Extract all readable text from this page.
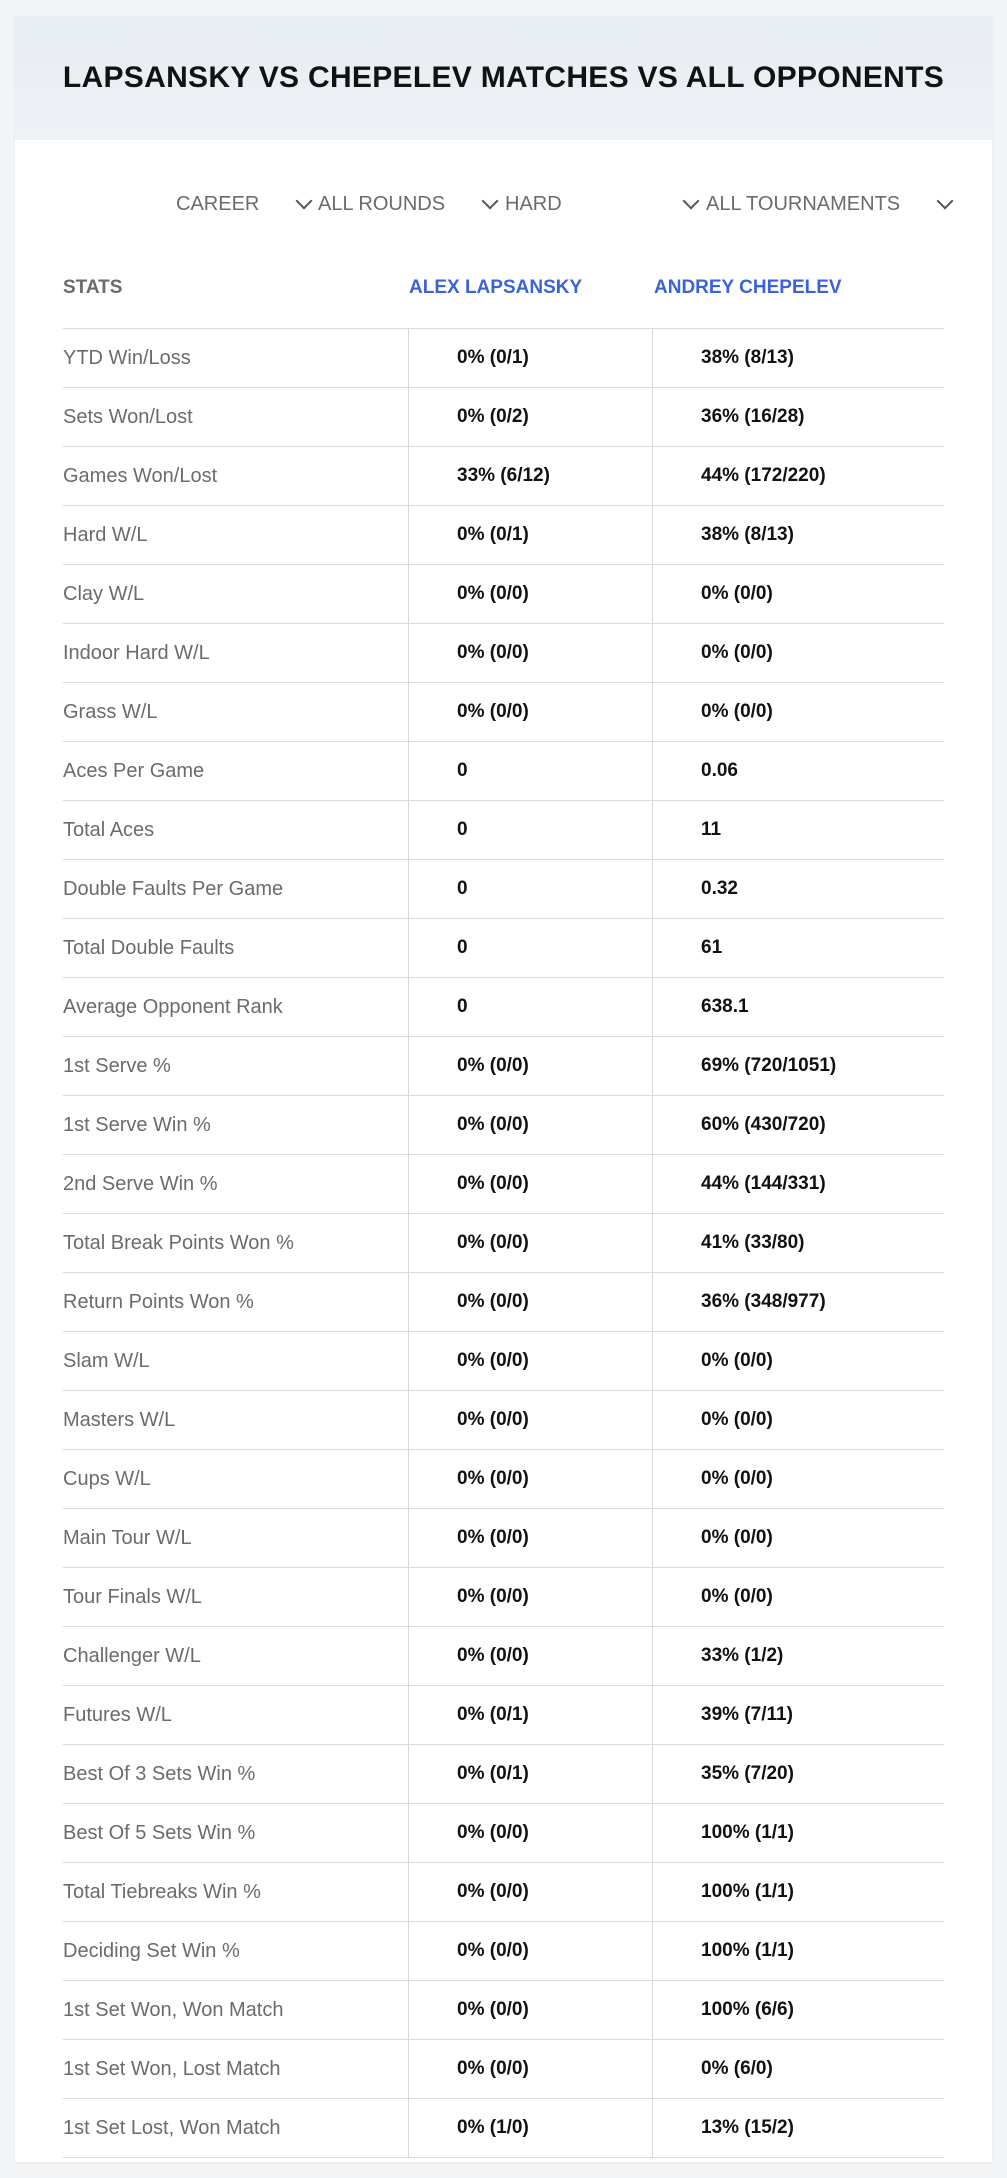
LAPSANSKY VS CHEPELEV MATCHES VS ALL OPPONENTS
CAREER	ALL ROUNDS	HARD	ALL TOURNAMENTS
STATS	ALEX LAPSANSKY	ANDREY CHEPELEV
YTD Win/Loss	0% (0/1)	38% (8/13)
Sets Won/Lost	0% (0/2)	36% (16/28)
Games Won/Lost	33% (6/12)	44% (172/220)
Hard W/L	0% (0/1)	38% (8/13)
Clay W/L	0% (0/0)	0% (0/0)
Indoor Hard W/L	0% (0/0)	0% (0/0)
Grass W/L	0% (0/0)	0% (0/0)
Aces Per Game	0	0.06
Total Aces	0	11
Double Faults Per Game	0	0.32
Total Double Faults	0	61
Average Opponent Rank	0	638.1
1st Serve %	0% (0/0)	69% (720/1051)
1st Serve Win %	0% (0/0)	60% (430/720)
2nd Serve Win %	0% (0/0)	44% (144/331)
Total Break Points Won %	0% (0/0)	41% (33/80)
Return Points Won %	0% (0/0)	36% (348/977)
Slam W/L	0% (0/0)	0% (0/0)
Masters W/L	0% (0/0)	0% (0/0)
Cups W/L	0% (0/0)	0% (0/0)
Main Tour W/L	0% (0/0)	0% (0/0)
Tour Finals W/L	0% (0/0)	0% (0/0)
Challenger W/L	0% (0/0)	33% (1/2)
Futures W/L	0% (0/1)	39% (7/11)
Best Of 3 Sets Win %	0% (0/1)	35% (7/20)
Best Of 5 Sets Win %	0% (0/0)	100% (1/1)
Total Tiebreaks Win %	0% (0/0)	100% (1/1)
Deciding Set Win %	0% (0/0)	100% (1/1)
1st Set Won, Won Match	0% (0/0)	100% (6/6)
1st Set Won, Lost Match	0% (0/0)	0% (6/0)
1st Set Lost, Won Match	0% (1/0)	13% (15/2)
